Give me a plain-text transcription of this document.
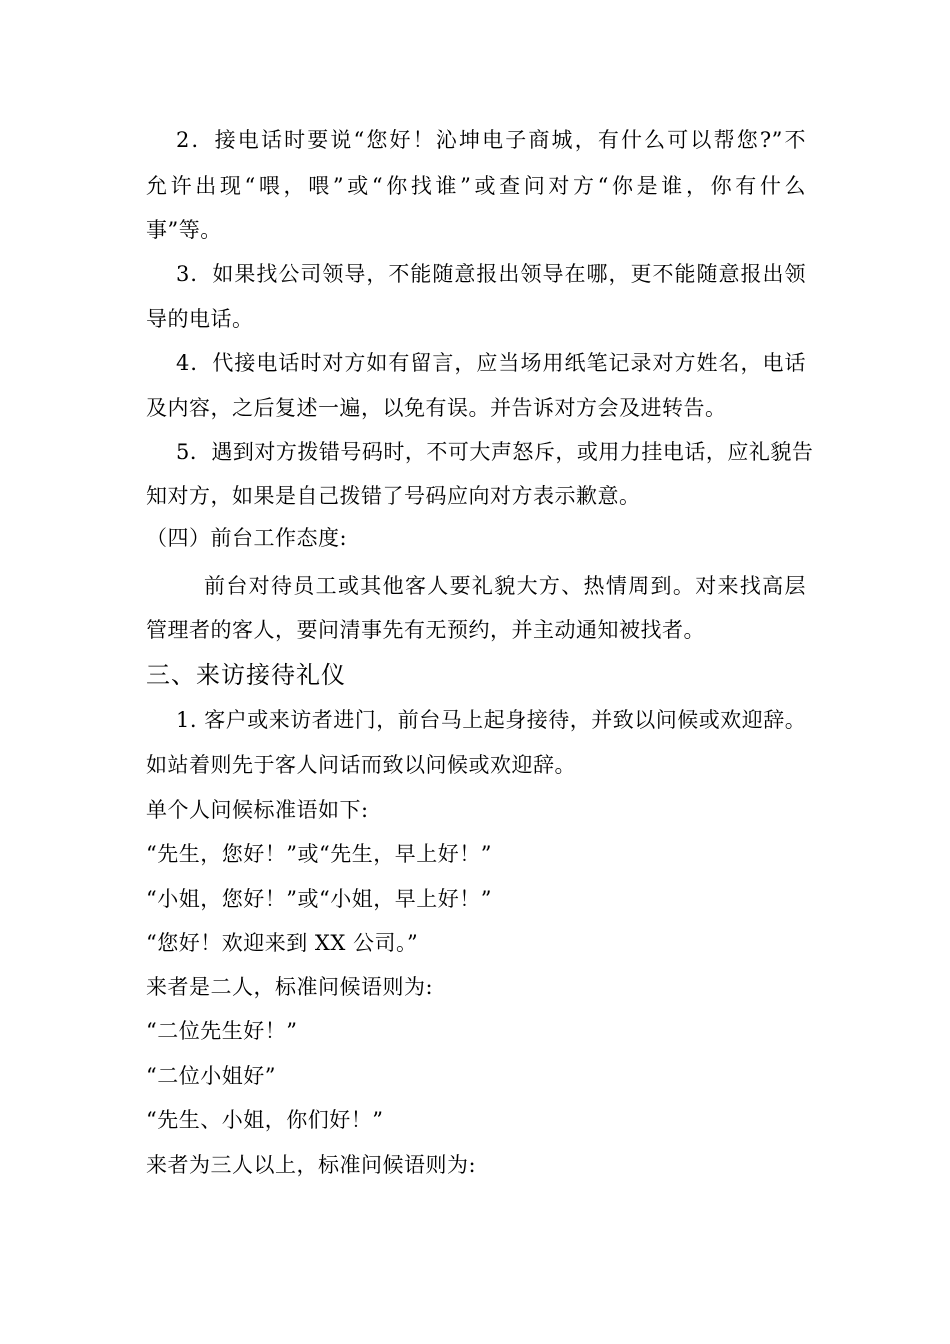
2．接电话时要说“您好！沁坤电子商城，有什么可以帮您?”不
允许出现“喂，喂”或“你找谁”或查问对方“你是谁，你有什么
事”等。
3．如果找公司领导，不能随意报出领导在哪，更不能随意报出领
导的电话。
4．代接电话时对方如有留言，应当场用纸笔记录对方姓名，电话
及内容，之后复述一遍，以免有误。并告诉对方会及进转告。
5．遇到对方拨错号码时，不可大声怒斥，或用力挂电话，应礼貌告
知对方，如果是自己拨错了号码应向对方表示歉意。
（四）前台工作态度:
前台对待员工或其他客人要礼貌大方、热情周到。对来找高层
管理者的客人，要问清事先有无预约，并主动通知被找者。
三、来访接待礼仪
1. 客户或来访者进门，前台马上起身接待，并致以问候或欢迎辞。
如站着则先于客人问话而致以问候或欢迎辞。
单个人问候标准语如下:
“先生，您好！”或“先生，早上好！”
“小姐，您好！”或“小姐，早上好！”
“您好！欢迎来到 XX 公司。”
来者是二人，标准问候语则为:
“二位先生好！”
“二位小姐好”
“先生、小姐，你们好！”
来者为三人以上，标准问候语则为:
